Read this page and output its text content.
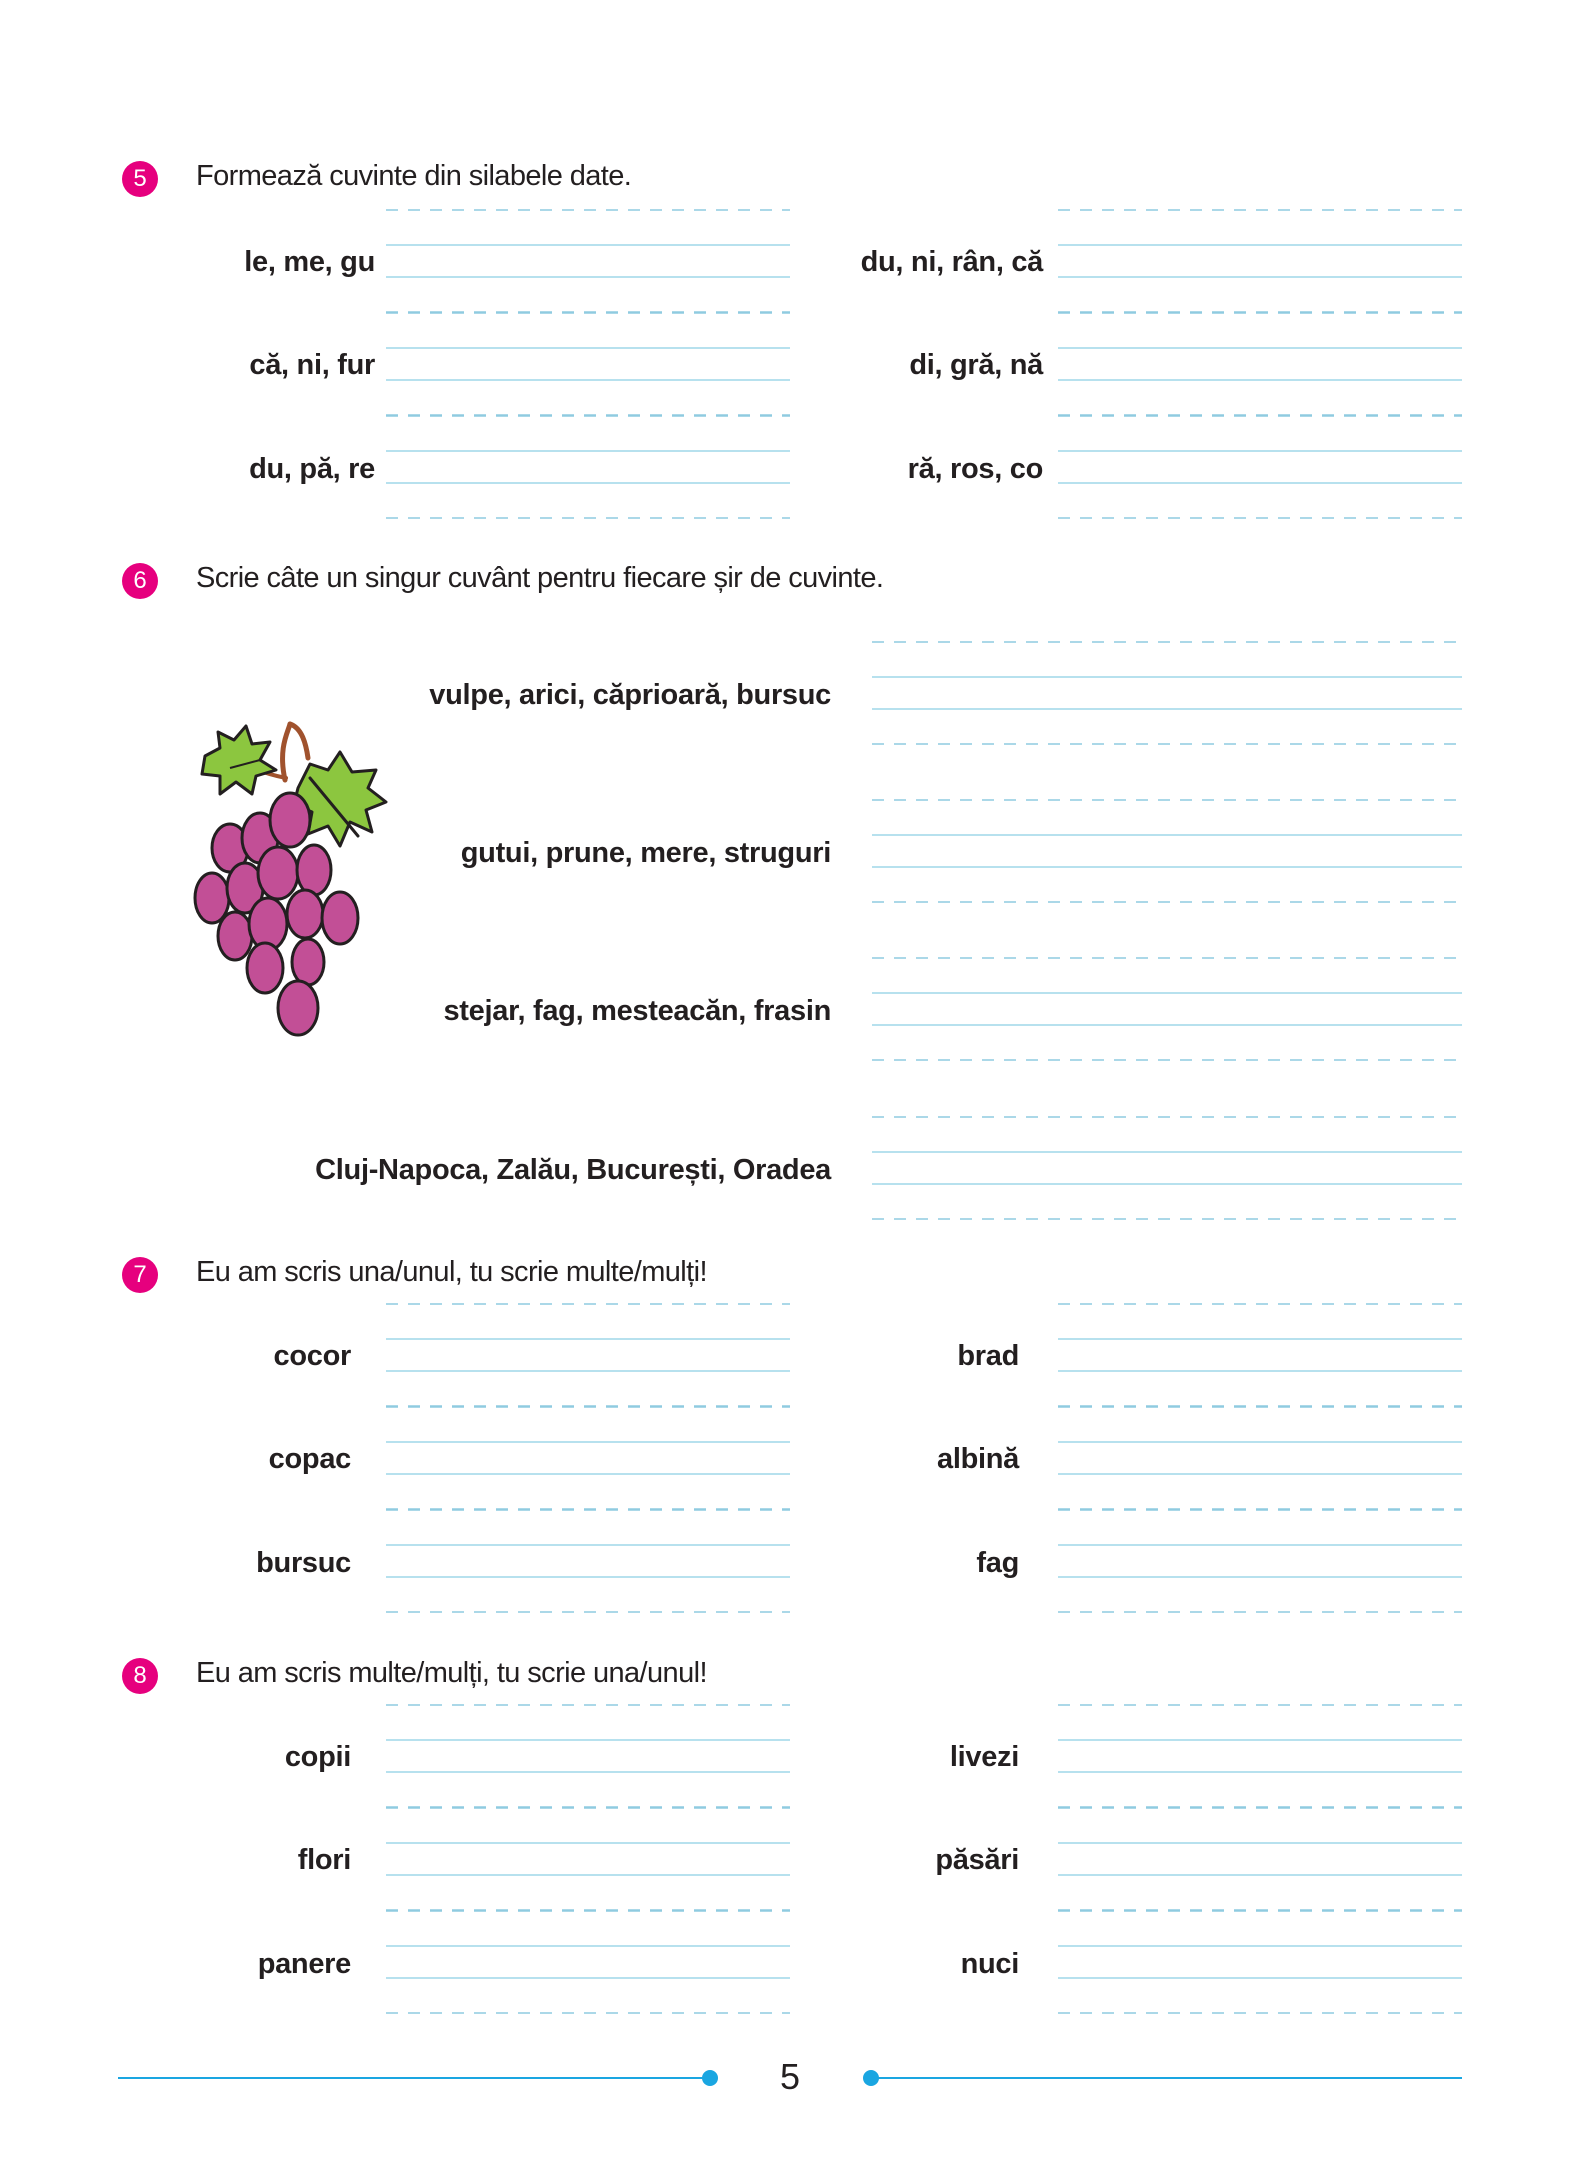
5	Formează cuvinte din silabele date.
le, me, gu
că, ni, fur
du, pă, re
du, ni, rân, că
di, gră, nă
ră, ros, co
6	Scrie câte un singur cuvânt pentru fiecare șir de cuvinte.
vulpe, arici, căprioară, bursuc
gutui, prune, mere, struguri
stejar, fag, mesteacăn, frasin
Cluj-Napoca, Zalău, București, Oradea
7	Eu am scris una/unul, tu scrie multe/mulți!
cocor
copac
bursuc
brad
albină
fag
8	Eu am scris multe/mulți, tu scrie una/unul!
copii
flori
panere
livezi
păsări
nuci
5
